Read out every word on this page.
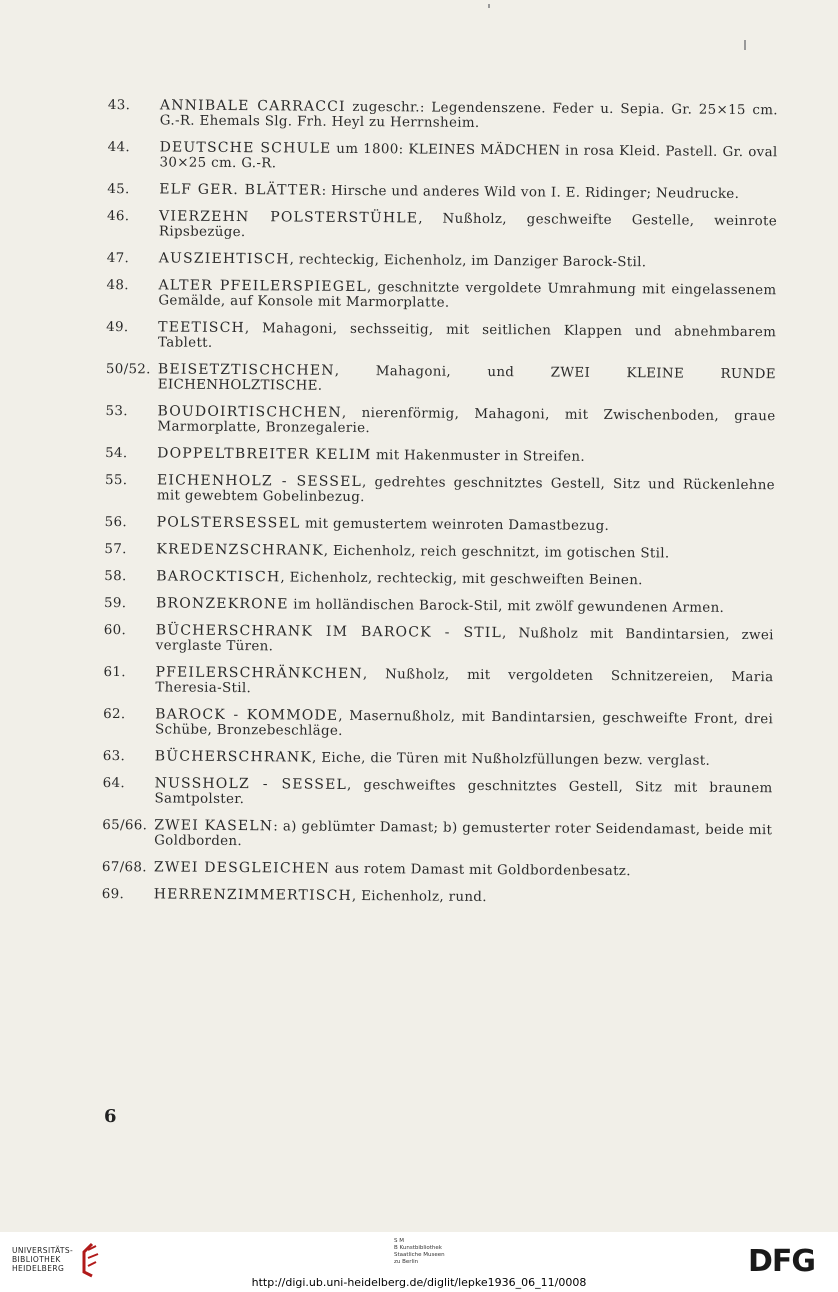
43.	ANNIBALE CARRACCI zugeschr.: Legendenszene. Feder u. Sepia. Gr. 25×15 cm. G.-R. Ehemals Slg. Frh. Heyl zu Herrnsheim.
44.	DEUTSCHE SCHULE um 1800: KLEINES MÄDCHEN in rosa Kleid. Pastell. Gr. oval 30×25 cm. G.-R.
45.	ELF GER. BLÄTTER: Hirsche und anderes Wild von I. E. Ridinger; Neudrucke.
46.	VIERZEHN POLSTERSTÜHLE, Nußholz, geschweifte Gestelle, weinrote Ripsbezüge.
47.	AUSZIEHTISCH, rechteckig, Eichenholz, im Danziger Barock-Stil.
48.	ALTER PFEILERSPIEGEL, geschnitzte vergoldete Umrahmung mit eingelassenem Gemälde, auf Konsole mit Marmorplatte.
49.	TEETISCH, Mahagoni, sechsseitig, mit seitlichen Klappen und abnehmbarem Tablett.
50/52. BEISETZTISCHCHEN, Mahagoni, und ZWEI KLEINE RUNDE EICHENHOLZTISCHE.
53.	BOUDOIRTISCHCHEN, nierenförmig, Mahagoni, mit Zwischenboden, graue Marmorplatte, Bronzegalerie.
54.	DOPPELTBREITER KELIM mit Hakenmuster in Streifen.
55.	EICHENHOLZ - SESSEL, gedrehtes geschnitztes Gestell, Sitz und Rückenlehne mit gewebtem Gobelinbezug.
56.	POLSTERSESSEL mit gemustertem weinroten Damastbezug.
57.	KREDENZSCHRANK, Eichenholz, reich geschnitzt, im gotischen Stil.
58.	BAROCKTISCH, Eichenholz, rechteckig, mit geschweiften Beinen.
59.	BRONZEKRONE im holländischen Barock-Stil, mit zwölf gewundenen Armen.
60.	BÜCHERSCHRANK IM BAROCK - STIL, Nußholz mit Bandintarsien, zwei verglaste Türen.
61.	PFEILERSCHRÄNKCHEN, Nußholz, mit vergoldeten Schnitzereien, Maria Theresia-Stil.
62.	BAROCK - KOMMODE, Masernußholz, mit Bandintarsien, geschweifte Front, drei Schübe, Bronzebeschläge.
63.	BÜCHERSCHRANK, Eiche, die Türen mit Nußholzfüllungen bezw. verglast.
64.	NUSSHOLZ - SESSEL, geschweiftes geschnitztes Gestell, Sitz mit braunem Samtpolster.
65/66. ZWEI KASELN: a) geblümter Damast; b) gemusterter roter Seidendamast, beide mit Goldborden.
67/68. ZWEI DESGLEICHEN aus rotem Damast mit Goldbordenbesatz.
69.	HERRENZIMMERTISCH, Eichenholz, rund.
6
UNIVERSITÄTS-
BIBLIOTHEK
HEIDELBERG
S M
B Kunstbibliothek
Staatliche Museen
zu Berlin	DFG
http://digi.ub.uni-heidelberg.de/diglit/lepke1936_06_11/0008
